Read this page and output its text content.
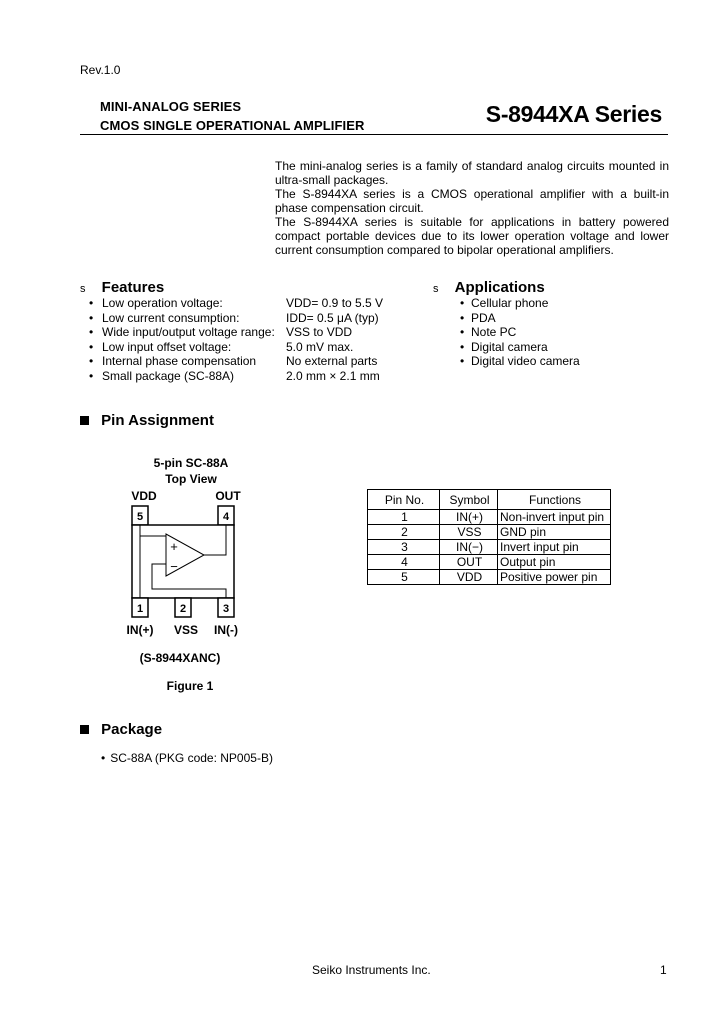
Rev.1.0
MINI-ANALOG SERIES
CMOS SINGLE OPERATIONAL AMPLIFIER	S-8944XA Series

The mini-analog series is a family of standard analog circuits mounted in ultra-small packages.

The S-8944XA series is a CMOS operational amplifier with a built-in phase compensation circuit.

The S-8944XA series is suitable for applications in battery powered compact portable devices due to its lower operation voltage and lower current consumption compared to bipolar operational amplifiers.

s Features
• Low operation voltage:	VDD= 0.9 to 5.5 V
• Low current consumption:	IDD= 0.5 μA (typ)
• Wide input/output voltage range: VSS to VDD
• Low input offset voltage:	5.0 mV max.
• Internal phase compensation	No external parts
• Small package (SC-88A)	2.0 mm × 2.1 mm
s Applications
• Cellular phone
• PDA
• Note PC
• Digital camera
• Digital video camera
Pin Assignment
5-pin SC-88A
Top View
VDD	OUT
5	4
+
−
1	2	3
IN(+) VSS IN(-)
(S-8944XANC)
Figure 1
Pin No.	Symbol	Functions
1	IN(+)	Non-invert input pin
2	VSS	GND pin
3	IN(−)	Invert input pin
4	OUT	Output pin
5	VDD	Positive power pin
Package
• SC-88A (PKG code: NP005-B)
Seiko Instruments Inc.	1
